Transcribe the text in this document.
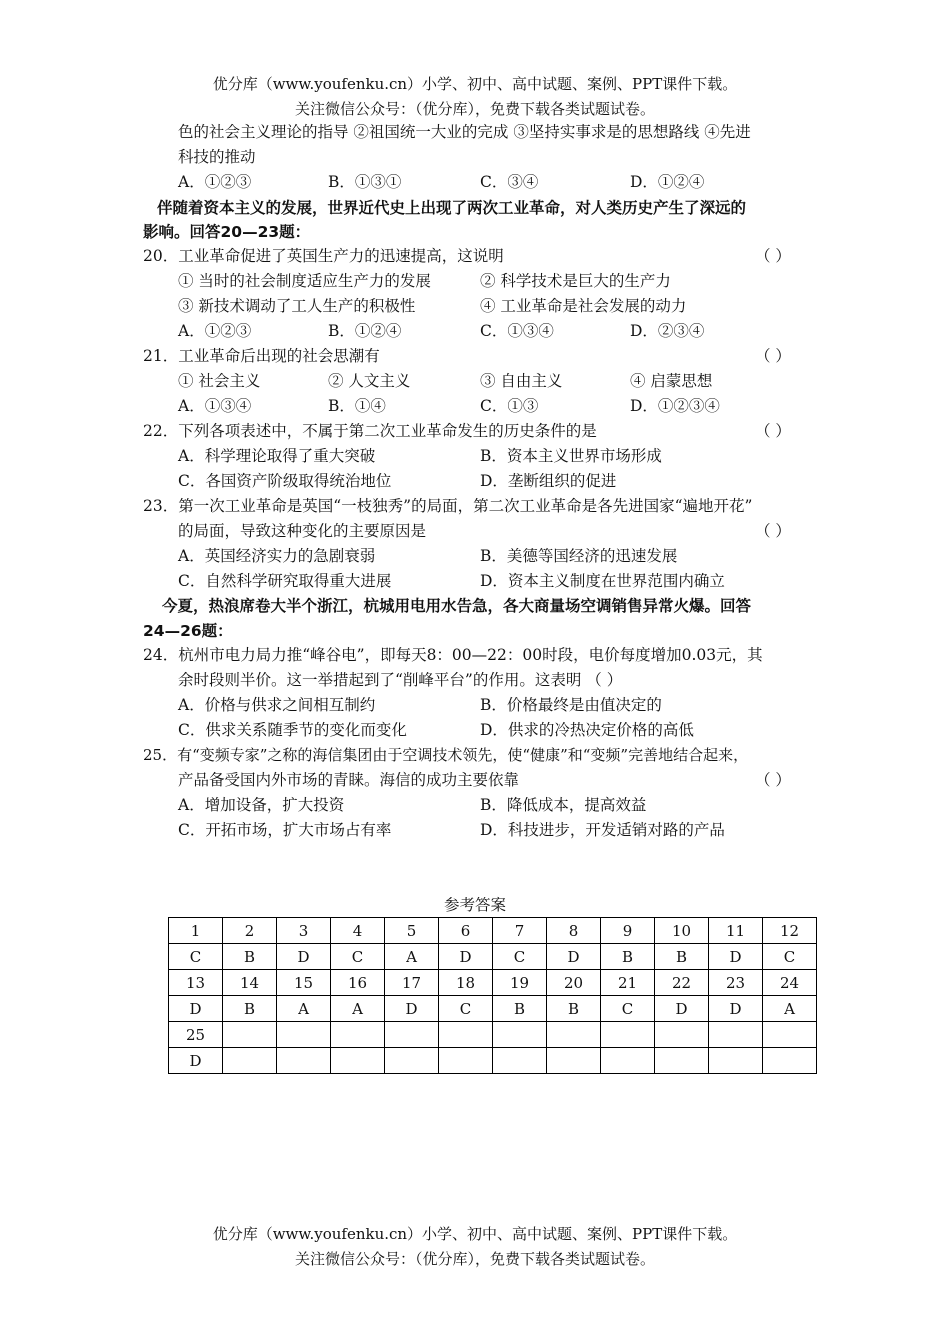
优分库（www.youfenku.cn）小学、初中、高中试题、案例、PPT课件下载。
关注微信公众号：（优分库），免费下载各类试题试卷。
色的社会主义理论的指导 ②祖国统一大业的完成 ③坚持实事求是的思想路线 ④先进
科技的推动
A．①②③	B．①③①	C．③④	D．①②④
伴随着资本主义的发展，世界近代史上出现了两次工业革命，对人类历史产生了深远的
影响。回答20—23题：
20．工业革命促进了英国生产力的迅速提高，这说明	（ ）
① 当时的社会制度适应生产力的发展	② 科学技术是巨大的生产力
③ 新技术调动了工人生产的积极性	④ 工业革命是社会发展的动力
A．①②③	B．①②④	C．①③④	D．②③④
21．工业革命后出现的社会思潮有	（ ）
① 社会主义	② 人文主义	③ 自由主义	④ 启蒙思想
A．①③④	B．①④	C．①③	D．①②③④
22．下列各项表述中，不属于第二次工业革命发生的历史条件的是	（ ）
A．科学理论取得了重大突破	B．资本主义世界市场形成
C．各国资产阶级取得统治地位	D．垄断组织的促进
23．第一次工业革命是英国“一枝独秀”的局面，第二次工业革命是各先进国家“遍地开花”
的局面，导致这种变化的主要原因是	（ ）
A．英国经济实力的急剧衰弱	B．美德等国经济的迅速发展
C．自然科学研究取得重大进展	D．资本主义制度在世界范围内确立
今夏，热浪席卷大半个浙江，杭城用电用水告急，各大商量场空调销售异常火爆。回答
24—26题：
24．杭州市电力局力推“峰谷电”，即每天8：00—22：00时段，电价每度增加0.03元，其
余时段则半价。这一举措起到了“削峰平台”的作用。这表明 （ ）
A．价格与供求之间相互制约	B．价格最终是由值决定的
C．供求关系随季节的变化而变化	D．供求的冷热决定价格的高低
25．有“变频专家”之称的海信集团由于空调技术领先，使“健康”和“变频”完善地结合起来，
产品备受国内外市场的青睐。海信的成功主要依靠	（ ）
A．增加设备，扩大投资	B．降低成本，提高效益
C．开拓市场，扩大市场占有率	D．科技进步，开发适销对路的产品
参考答案
1	2	3	4	5	6	7	8	9	10	11	12
C	B	D	C	A	D	C	D	B	B	D	C
13	14	15	16	17	18	19	20	21	22	23	24
D	B	A	A	D	C	B	B	C	D	D	A
25											
D											
优分库（www.youfenku.cn）小学、初中、高中试题、案例、PPT课件下载。
关注微信公众号：（优分库），免费下载各类试题试卷。
